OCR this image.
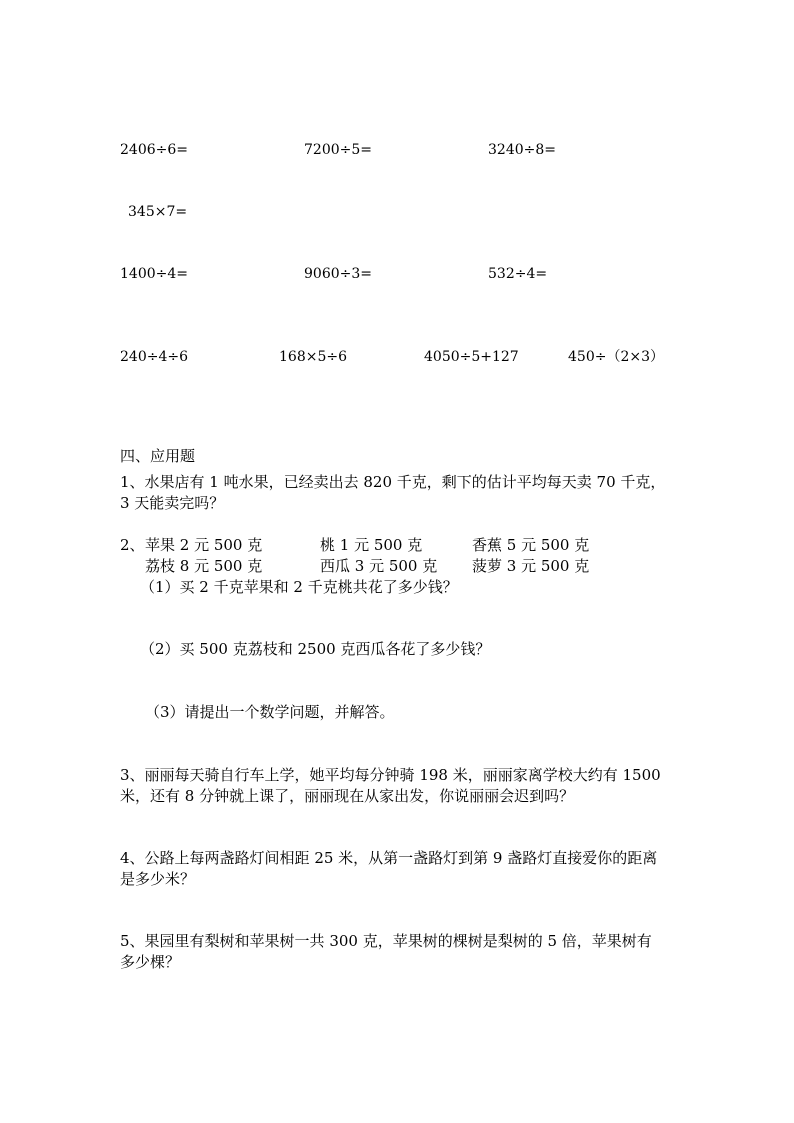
2406÷6=	7200÷5=	3240÷8=
345×7=
1400÷4=	9060÷3=	532÷4=
240÷4÷6	168×5÷6	4050÷5+127	450÷（2×3）
四、应用题
1、水果店有 1 吨水果，已经卖出去 820 千克，剩下的估计平均每天卖 70 千克，
3 天能卖完吗？
2、 苹果 2 元 500 克	桃 1 元 500 克	香蕉 5 元 500 克
荔枝 8 元 500 克	西瓜 3 元 500 克 菠萝 3 元 500 克
（1）买 2 千克苹果和 2 千克桃共花了多少钱？
（2）买 500 克荔枝和 2500 克西瓜各花了多少钱？
（3）请提出一个数学问题，并解答。
3、丽丽每天骑自行车上学，她平均每分钟骑 198 米，丽丽家离学校大约有 1500
米，还有 8 分钟就上课了，丽丽现在从家出发，你说丽丽会迟到吗？
4、公路上每两盏路灯间相距 25 米，从第一盏路灯到第 9 盏路灯直接爱你的距离
是多少米？
5、果园里有梨树和苹果树一共 300 克，苹果树的棵树是梨树的 5 倍，苹果树有
多少棵？
